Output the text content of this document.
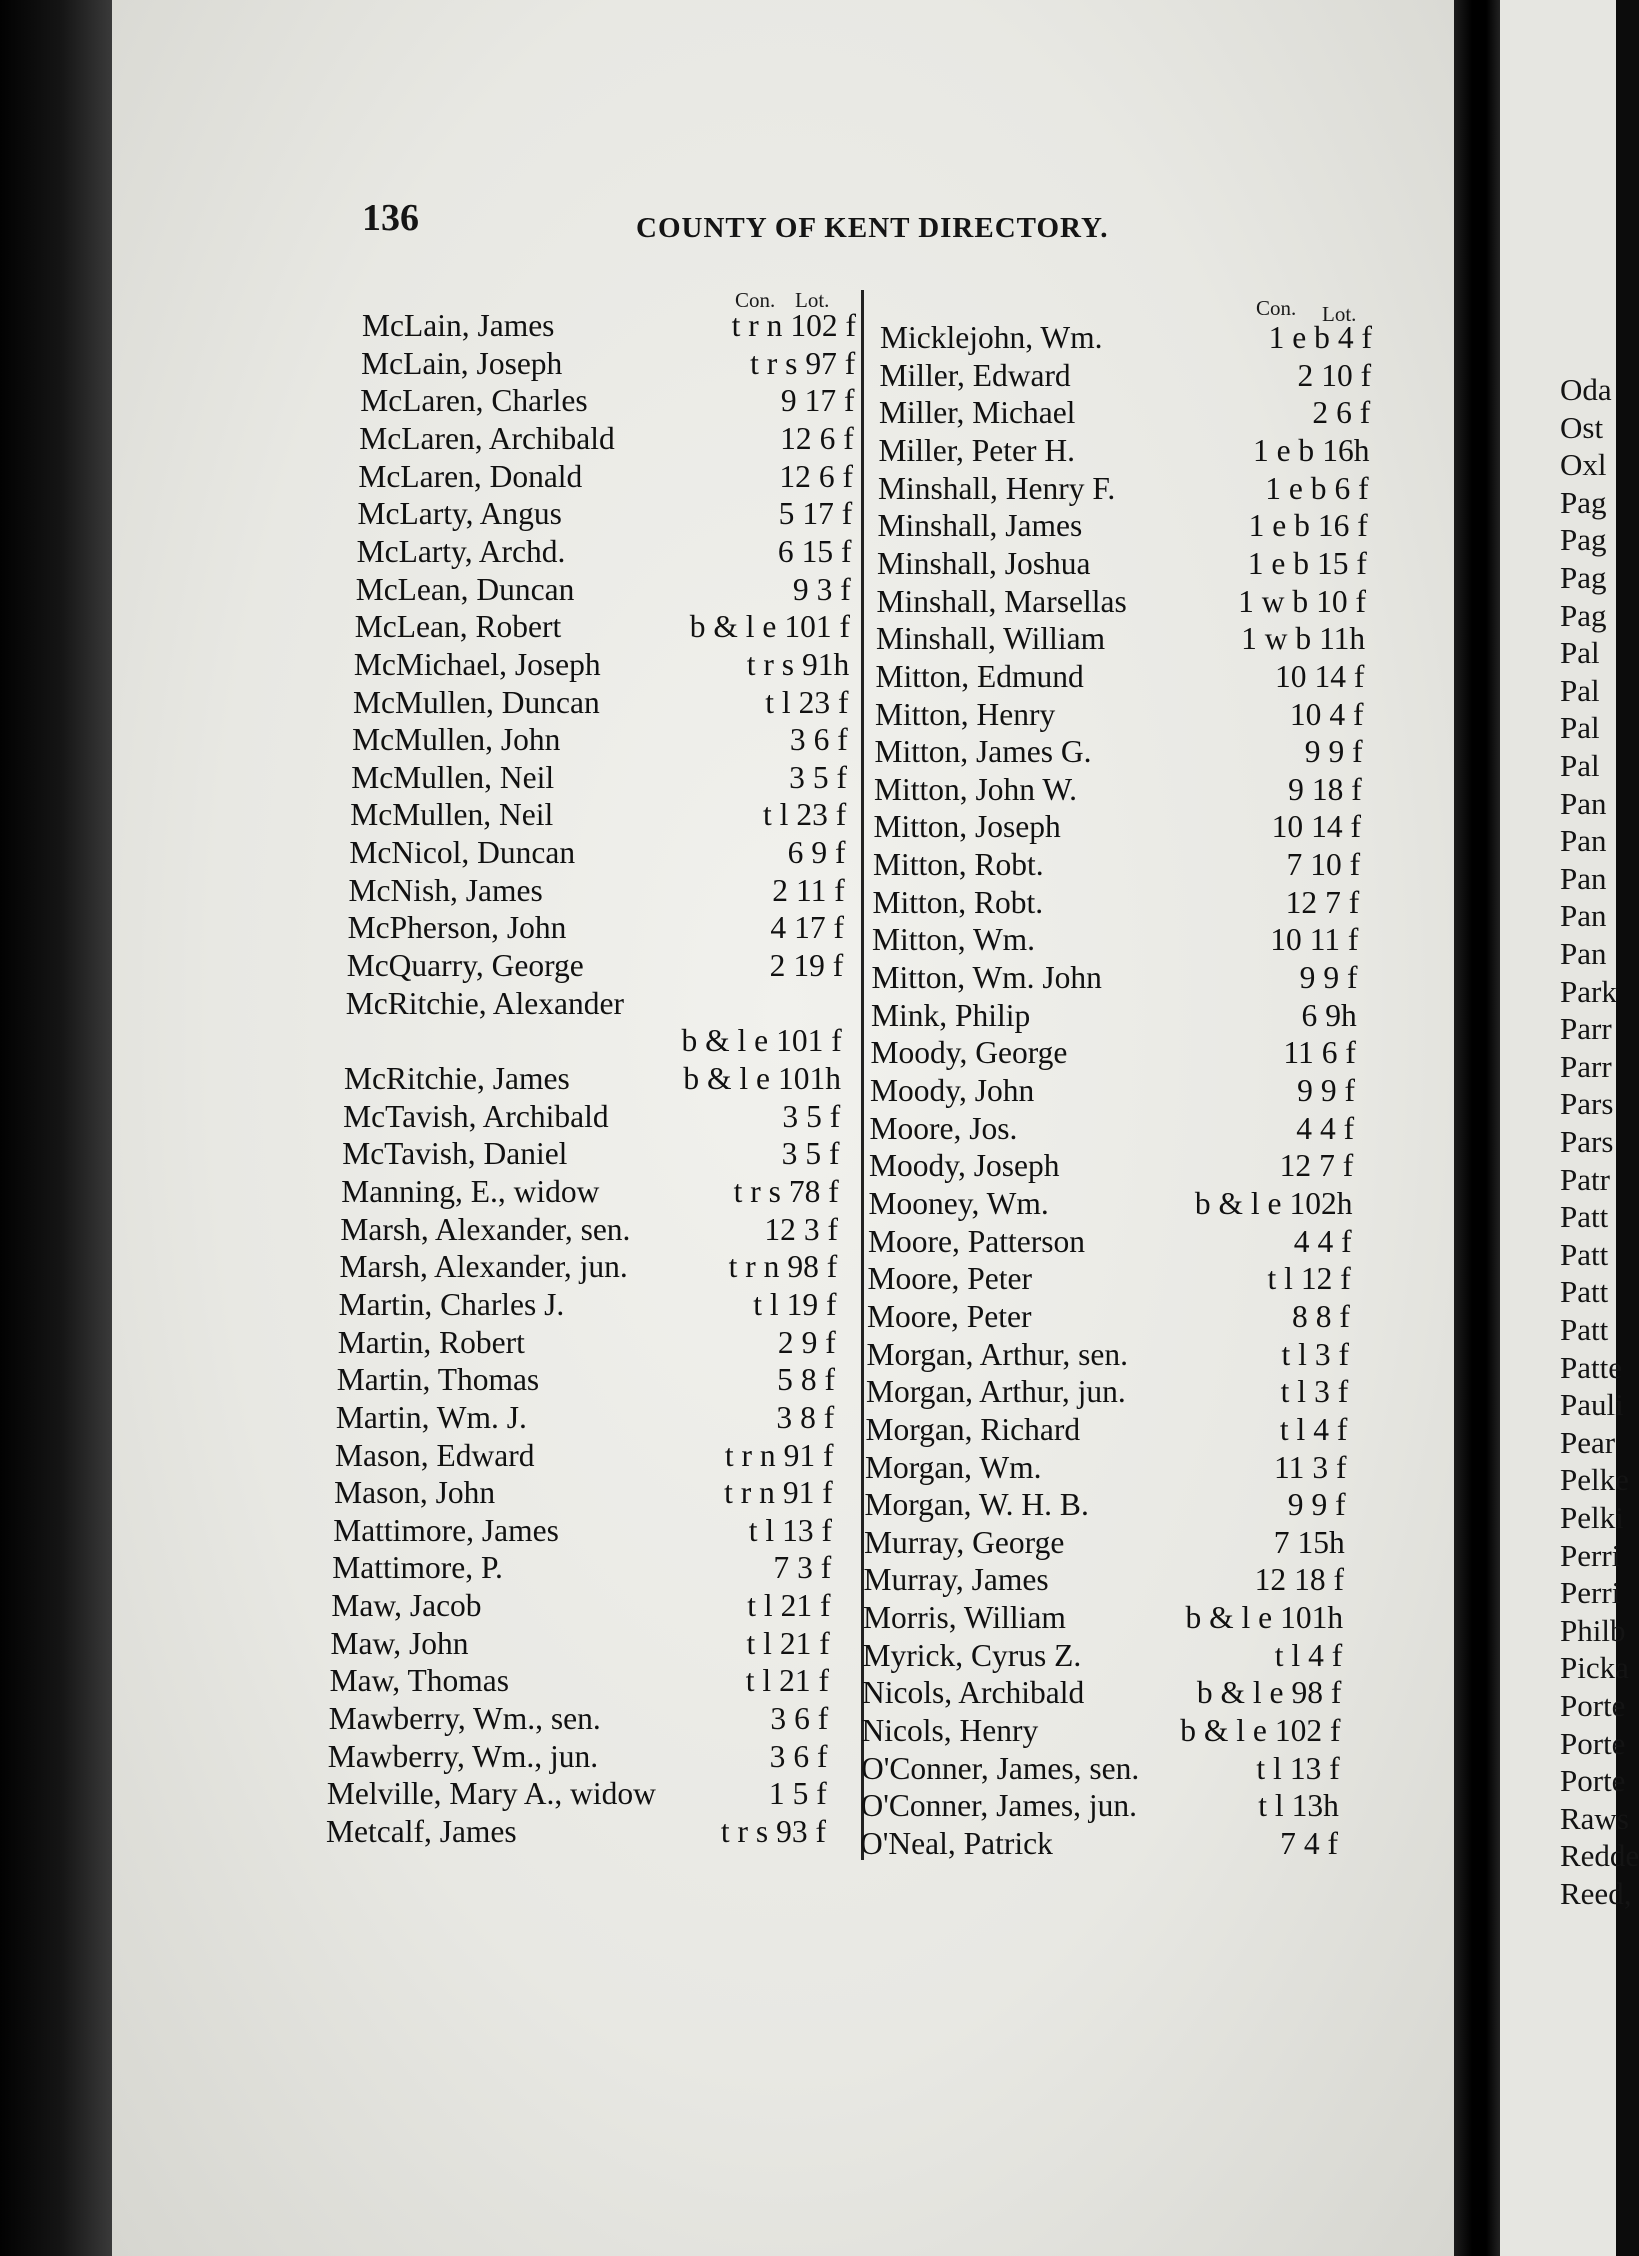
136	COUNTY OF KENT DIRECTORY.
Con. Lot.	Con. Lot.
McLain, James	t r n 102 f
McLain, Joseph	t r s 97 f
McLaren, Charles	9 17 f
McLaren, Archibald	12 6 f
McLaren, Donald	12 6 f
McLarty, Angus	5 17 f
McLarty, Archd.	6 15 f
McLean, Duncan	9 3 f
McLean, Robert	b & l e 101 f
McMichael, Joseph	t r s 91h
McMullen, Duncan	t l 23 f
McMullen, John	3 6 f
McMullen, Neil	3 5 f
McMullen, Neil	t l 23 f
McNicol, Duncan	6 9 f
McNish, James	2 11 f
McPherson, John	4 17 f
McQuarry, George	2 19 f
McRitchie, Alexander
b & l e 101 f
McRitchie, James	b & l e 101h
McTavish, Archibald	3 5 f
McTavish, Daniel	3 5 f
Manning, E., widow	t r s 78 f
Marsh, Alexander, sen.	12 3 f
Marsh, Alexander, jun.	t r n 98 f
Martin, Charles J.	t l 19 f
Martin, Robert	2 9 f
Martin, Thomas	5 8 f
Martin, Wm. J.	3 8 f
Mason, Edward	t r n 91 f
Mason, John	t r n 91 f
Mattimore, James	t l 13 f
Mattimore, P.	7 3 f
Maw, Jacob	t l 21 f
Maw, John	t l 21 f
Maw, Thomas	t l 21 f
Mawberry, Wm., sen.	3 6 f
Mawberry, Wm., jun.	3 6 f
Melville, Mary A., widow	1 5 f
Metcalf, James	t r s 93 f
Micklejohn, Wm.	1 e b 4 f
Miller, Edward	2 10 f
Miller, Michael	2 6 f
Miller, Peter H.	1 e b 16h
Minshall, Henry F.	1 e b 6 f
Minshall, James	1 e b 16 f
Minshall, Joshua	1 e b 15 f
Minshall, Marsellas	1 w b 10 f
Minshall, William	1 w b 11h
Mitton, Edmund	10 14 f
Mitton, Henry	10 4 f
Mitton, James G.	9 9 f
Mitton, John W.	9 18 f
Mitton, Joseph	10 14 f
Mitton, Robt.	7 10 f
Mitton, Robt.	12 7 f
Mitton, Wm.	10 11 f
Mitton, Wm. John	9 9 f
Mink, Philip	6 9h
Moody, George	11 6 f
Moody, John	9 9 f
Moore, Jos.	4 4 f
Moody, Joseph	12 7 f
Mooney, Wm.	b & l e 102h
Moore, Patterson	4 4 f
Moore, Peter	t l 12 f
Moore, Peter	8 8 f
Morgan, Arthur, sen.	t l 3 f
Morgan, Arthur, jun.	t l 3 f
Morgan, Richard	t l 4 f
Morgan, Wm.	11 3 f
Morgan, W. H. B.	9 9 f
Murray, George	7 15h
Murray, James	12 18 f
Morris, William	b & l e 101h
Myrick, Cyrus Z.	t l 4 f
Nicols, Archibald	b & l e 98 f
Nicols, Henry	b & l e 102 f
O'Conner, James, sen.	t l 13 f
O'Conner, James, jun.	t l 13h
O'Neal, Patrick	7 4 f
Oda
Ost
Oxl
Pag
Pag
Pag
Pag
Pal
Pal
Pal
Pal
Pan
Pan
Pan
Pan
Pan
Park
Parr
Parr
Pars
Pars
Patr
Patt
Patt
Patt
Patt
Patte
Pauli
Pear
Pelke
Pelki
Perri
Perri
Philb
Picka
Porte
Porte
Porte
Raws
Redde
Reed,
